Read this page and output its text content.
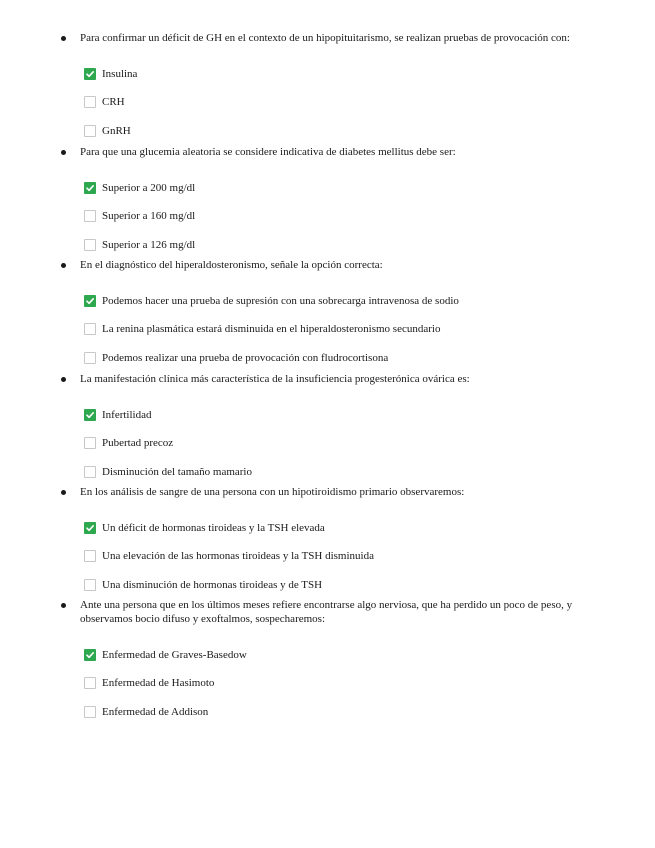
Para confirmar un déficit de GH en el contexto de un hipopituitarismo, se realizan pruebas de provocación con:

Insulina
CRH
GnRH

Para que una glucemia aleatoria se considere indicativa de diabetes mellitus debe ser:

Superior a 200 mg/dl
Superior a 160 mg/dl
Superior a 126 mg/dl

En el diagnóstico del hiperaldosteronismo, señale la opción correcta:

Podemos hacer una prueba de supresión con una sobrecarga intravenosa de sodio
La renina plasmática estará disminuida en el hiperaldosteronismo secundario
Podemos realizar una prueba de provocación con fludrocortisona

La manifestación clínica más característica de la insuficiencia progesterónica ovárica es:

Infertilidad
Pubertad precoz
Disminución del tamaño mamario

En los análisis de sangre de una persona con un hipotiroidismo primario observaremos:

Un déficit de hormonas tiroideas y la TSH elevada
Una elevación de las hormonas tiroideas y la TSH disminuida
Una disminución de hormonas tiroideas y de TSH

Ante una persona que en los últimos meses refiere encontrarse algo nerviosa, que ha perdido un poco de peso, y observamos bocio difuso y exoftalmos, sospecharemos:

Enfermedad de Graves-Basedow
Enfermedad de Hasimoto
Enfermedad de Addison
